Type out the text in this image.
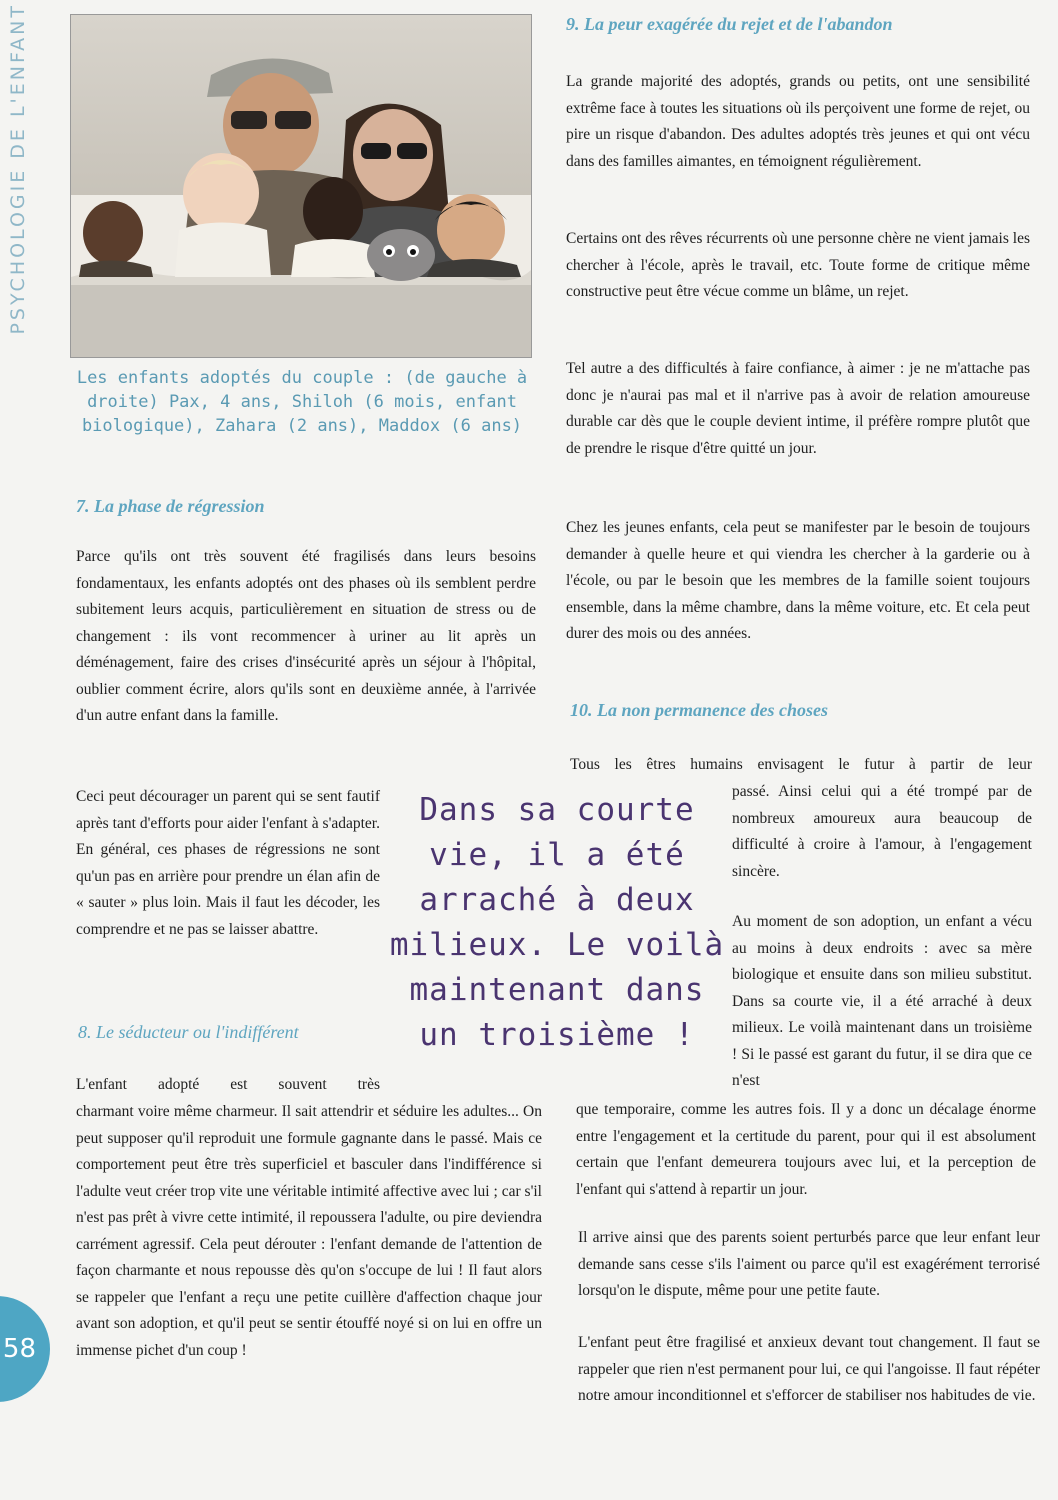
PSYCHOLOGIE DE L'ENFANT
58
Les enfants adoptés du couple : (de gauche à droite) Pax, 4 ans, Shiloh (6 mois, enfant biologique), Zahara (2 ans), Maddox (6 ans)
7. La phase de régression

Parce qu'ils ont très souvent été fragilisés dans leurs besoins fondamentaux, les enfants adoptés ont des phases où ils semblent perdre subitement leurs acquis, particulièrement en situation de stress ou de changement : ils vont recommencer à uriner au lit après un déménagement, faire des crises d'insécurité après un séjour à l'hôpital, oublier comment écrire, alors qu'ils sont en deuxième année, à l'arrivée d'un autre enfant dans la famille.

Ceci peut décourager un parent qui se sent fautif après tant d'efforts pour aider l'enfant à s'adapter. En général, ces phases de régressions ne sont qu'un pas en arrière pour prendre un élan afin de « sauter » plus loin. Mais il faut les décoder, les comprendre et ne pas se laisser abattre.

8. Le séducteur ou l'indifférent

L'enfant adopté est souvent très

charmant voire même charmeur. Il sait attendrir et séduire les adultes... On peut supposer qu'il reproduit une formule gagnante dans le passé. Mais ce comportement peut être très superficiel et basculer dans l'indifférence si l'adulte veut créer trop vite une véritable intimité affective avec lui ; car s'il n'est pas prêt à vivre cette intimité, il repoussera l'adulte, ou pire deviendra carrément agressif. Cela peut dérouter : l'enfant demande de l'attention de façon charmante et nous repousse dès qu'on s'occupe de lui ! Il faut alors se rappeler que l'enfant a reçu une petite cuillère d'affection chaque jour avant son adoption, et qu'il peut se sentir étouffé noyé si on lui en offre un immense pichet d'un coup !

Dans sa courte vie, il a été arraché à deux milieux. Le voilà maintenant dans un troisième !
9. La peur exagérée du rejet et de l'abandon

La grande majorité des adoptés, grands ou petits, ont une sensibilité extrême face à toutes les situations où ils perçoivent une forme de rejet, ou pire un risque d'abandon. Des adultes adoptés très jeunes et qui ont vécu dans des familles aimantes, en témoignent régulièrement.

Certains ont des rêves récurrents où une personne chère ne vient jamais les chercher à l'école, après le travail, etc. Toute forme de critique même constructive peut être vécue comme un blâme, un rejet.

Tel autre a des difficultés à faire confiance, à aimer : je ne m'attache pas donc je n'aurai pas mal et il n'arrive pas à avoir de relation amoureuse durable car dès que le couple devient intime, il préfère rompre plutôt que de prendre le risque d'être quitté un jour.

Chez les jeunes enfants, cela peut se manifester par le besoin de toujours demander à quelle heure et qui viendra les chercher à la garderie ou à l'école, ou par le besoin que les membres de la famille soient toujours ensemble, dans la même chambre, dans la même voiture, etc. Et cela peut durer des mois ou des années.

10. La non permanence des choses

Tous les êtres humains envisagent le futur à partir de leur

passé. Ainsi celui qui a été trompé par de nombreux amoureux aura beaucoup de difficulté à croire à l'amour, à l'engagement sincère.

Au moment de son adoption, un enfant a vécu au moins à deux endroits : avec sa mère biologique et ensuite dans son milieu substitut. Dans sa courte vie, il a été arraché à deux milieux. Le voilà maintenant dans un troisième ! Si le passé est garant du futur, il se dira que ce n'est

que temporaire, comme les autres fois. Il y a donc un décalage énorme entre l'engagement et la certitude du parent, pour qui il est absolument certain que l'enfant demeurera toujours avec lui, et la perception de l'enfant qui s'attend à repartir un jour.

Il arrive ainsi que des parents soient perturbés parce que leur enfant leur demande sans cesse s'ils l'aiment ou parce qu'il est exagérément terrorisé lorsqu'on le dispute, même pour une petite faute.

L'enfant peut être fragilisé et anxieux devant tout changement. Il faut se rappeler que rien n'est permanent pour lui, ce qui l'angoisse. Il faut répéter notre amour inconditionnel et s'efforcer de stabiliser nos habitudes de vie.
